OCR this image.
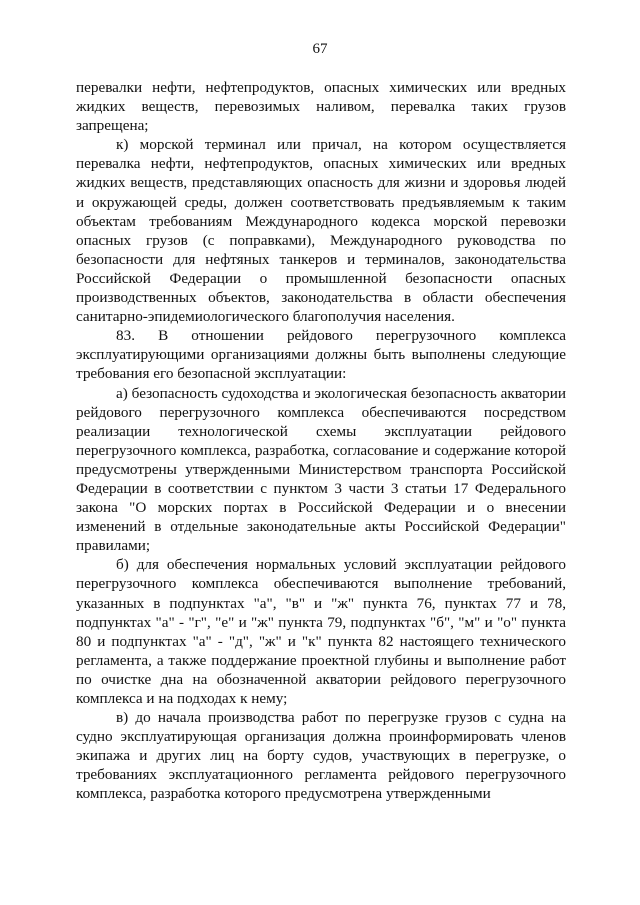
67

перевалки нефти, нефтепродуктов, опасных химических или вредных жидких веществ, перевозимых наливом, перевалка таких грузов запрещена;

к) морской терминал или причал, на котором осуществляется перевалка нефти, нефтепродуктов, опасных химических или вредных жидких веществ, представляющих опасность для жизни и здоровья людей и окружающей среды, должен соответствовать предъявляемым к таким объектам требованиям Международного кодекса морской перевозки опасных грузов (с поправками), Международного руководства по безопасности для нефтяных танкеров и терминалов, законодательства Российской Федерации о промышленной безопасности опасных производственных объектов, законодательства в области обеспечения санитарно-эпидемиологического благополучия населения.

83. В отношении рейдового перегрузочного комплекса эксплуатирующими организациями должны быть выполнены следующие требования его безопасной эксплуатации:

а) безопасность судоходства и экологическая безопасность акватории рейдового перегрузочного комплекса обеспечиваются посредством реализации технологической схемы эксплуатации рейдового перегрузочного комплекса, разработка, согласование и содержание которой предусмотрены утвержденными Министерством транспорта Российской Федерации в соответствии с пунктом 3 части 3 статьи 17 Федерального закона "О морских портах в Российской Федерации и о внесении изменений в отдельные законодательные акты Российской Федерации" правилами;

б) для обеспечения нормальных условий эксплуатации рейдового перегрузочного комплекса обеспечиваются выполнение требований, указанных в подпунктах "а", "в" и "ж" пункта 76, пунктах 77 и 78, подпунктах "а" - "г", "е" и "ж" пункта 79, подпунктах "б", "м" и "о" пункта 80 и подпунктах "а" - "д", "ж" и "к" пункта 82 настоящего технического регламента, а также поддержание проектной глубины и выполнение работ по очистке дна на обозначенной акватории рейдового перегрузочного комплекса и на подходах к нему;

в) до начала производства работ по перегрузке грузов с судна на судно эксплуатирующая организация должна проинформировать членов экипажа и других лиц на борту судов, участвующих в перегрузке, о требованиях эксплуатационного регламента рейдового перегрузочного комплекса, разработка которого предусмотрена утвержденными
